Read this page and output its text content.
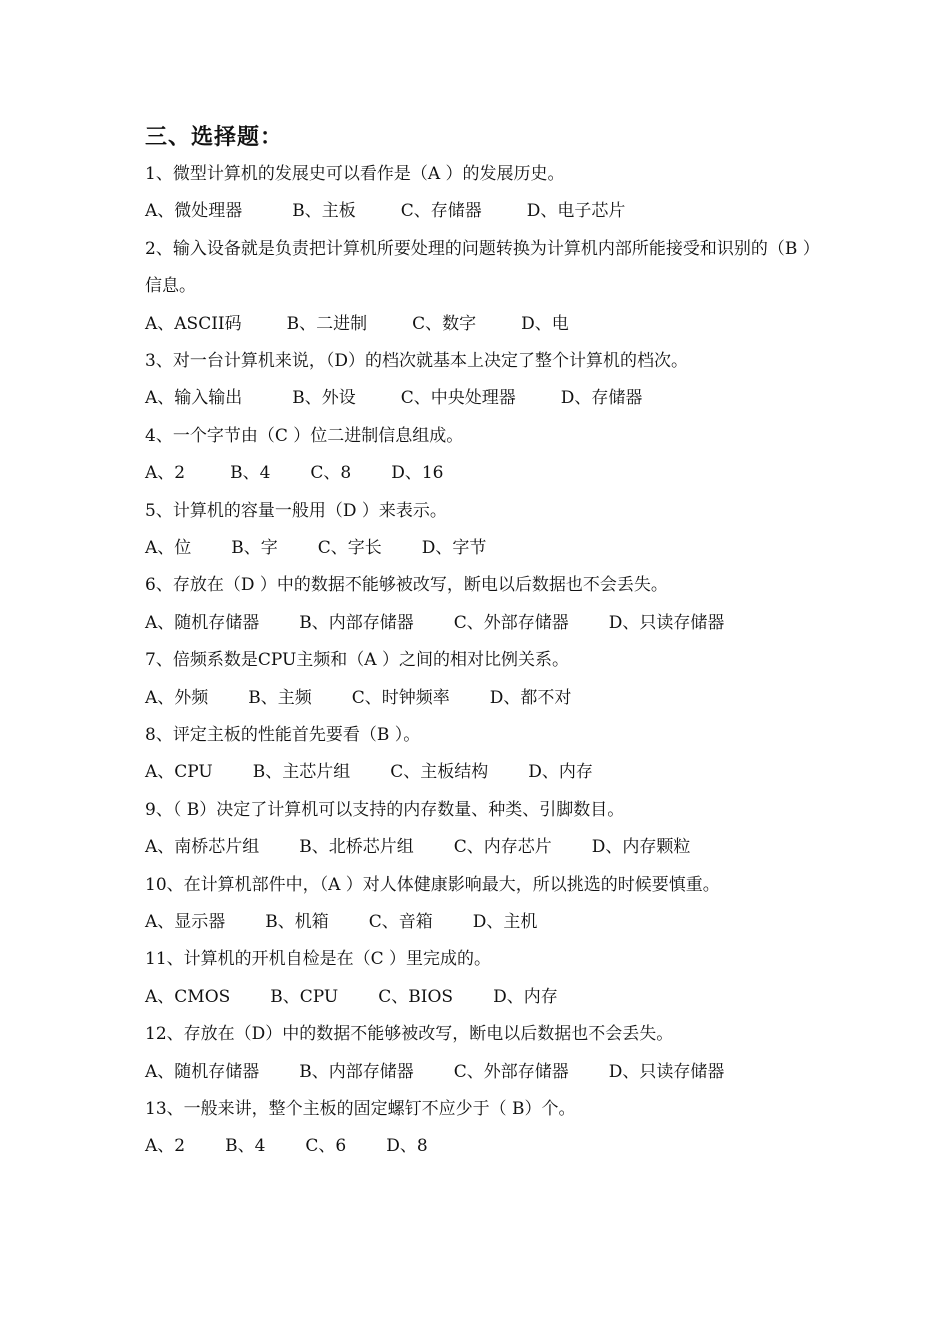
三、选择题：

1、微型计算机的发展史可以看作是（A ）的发展历史。

A、微处理器	B、主板	C、存储器	D、电子芯片

2、输入设备就是负责把计算机所要处理的问题转换为计算机内部所能接受和识别的（B ）信息。

A、ASCII码	B、二进制	C、数字	D、电

3、对一台计算机来说，（D）的档次就基本上决定了整个计算机的档次。

A、输入输出	B、外设	C、中央处理器	D、存储器

4、一个字节由（C ）位二进制信息组成。

A、2	B、4 C、8 D、16

5、计算机的容量一般用（D ）来表示。

A、位 B、字 C、字长 D、字节

6、存放在（D ）中的数据不能够被改写，断电以后数据也不会丢失。

A、随机存储器 B、内部存储器 C、外部存储器 D、只读存储器

7、倍频系数是CPU主频和（A ）之间的相对比例关系。

A、外频 B、主频 C、时钟频率 D、都不对

8、评定主板的性能首先要看（B ）。

A、CPU B、主芯片组 C、主板结构 D、内存

9、（ B）决定了计算机可以支持的内存数量、种类、引脚数目。

A、南桥芯片组 B、北桥芯片组 C、内存芯片 D、内存颗粒

10、在计算机部件中，（A ）对人体健康影响最大，所以挑选的时候要慎重。

A、显示器 B、机箱 C、音箱 D、主机

11、计算机的开机自检是在（C ）里完成的。

A、CMOS B、CPU C、BIOS D、内存

12、存放在（D）中的数据不能够被改写，断电以后数据也不会丢失。

A、随机存储器 B、内部存储器 C、外部存储器 D、只读存储器

13、一般来讲，整个主板的固定螺钉不应少于（ B）个。

A、2 B、4 C、6 D、8
